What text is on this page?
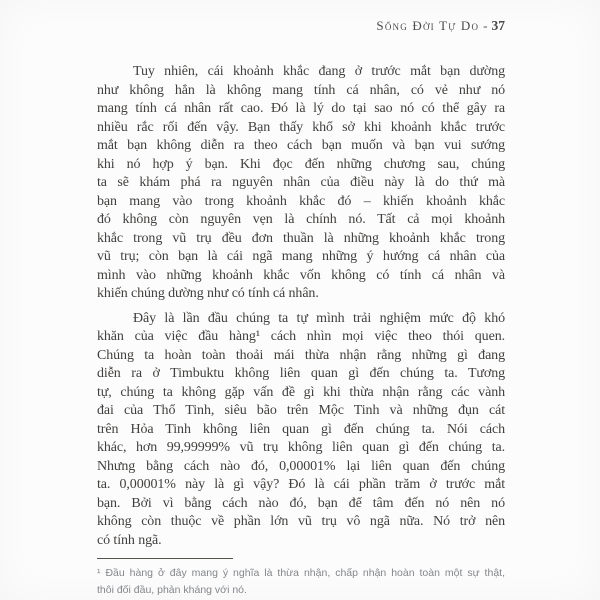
Sống Đời Tự Do - 37
Tuy nhiên, cái khoảnh khắc đang ở trước mắt bạn dường
như không hẳn là không mang tính cá nhân, có vẻ như nó
mang tính cá nhân rất cao. Đó là lý do tại sao nó có thể gây ra
nhiều rắc rối đến vậy. Bạn thấy khổ sở khi khoảnh khắc trước
mắt bạn không diễn ra theo cách bạn muốn và bạn vui sướng
khi nó hợp ý bạn. Khi đọc đến những chương sau, chúng
ta sẽ khám phá ra nguyên nhân của điều này là do thứ mà
bạn mang vào trong khoảnh khắc đó – khiến khoảnh khắc
đó không còn nguyên vẹn là chính nó. Tất cả mọi khoảnh
khắc trong vũ trụ đều đơn thuần là những khoảnh khắc trong
vũ trụ; còn bạn là cái ngã mang những ý hướng cá nhân của
mình vào những khoảnh khắc vốn không có tính cá nhân và
khiến chúng dường như có tính cá nhân.
Đây là lần đầu chúng ta tự mình trải nghiệm mức độ khó
khăn của việc đầu hàng¹ cách nhìn mọi việc theo thói quen.
Chúng ta hoàn toàn thoải mái thừa nhận rằng những gì đang
diễn ra ở Timbuktu không liên quan gì đến chúng ta. Tương
tự, chúng ta không gặp vấn đề gì khi thừa nhận rằng các vành
đai của Thổ Tinh, siêu bão trên Mộc Tinh và những đụn cát
trên Hỏa Tinh không liên quan gì đến chúng ta. Nói cách
khác, hơn 99,99999% vũ trụ không liên quan gì đến chúng ta.
Nhưng bằng cách nào đó, 0,00001% lại liên quan đến chúng
ta. 0,00001% này là gì vậy? Đó là cái phần trăm ở trước mắt
bạn. Bởi vì bằng cách nào đó, bạn để tâm đến nó nên nó
không còn thuộc về phần lớn vũ trụ vô ngã nữa. Nó trở nên
có tính ngã.
¹ Đầu hàng ở đây mang ý nghĩa là thừa nhận, chấp nhận hoàn toàn một sự thật,
thôi đối đầu, phản kháng với nó.
